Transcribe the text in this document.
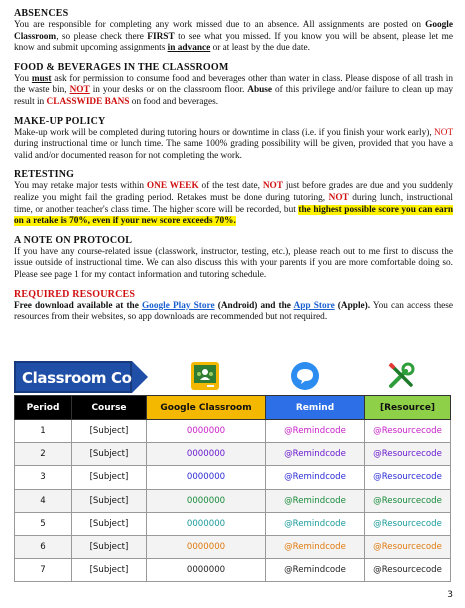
ABSENCES
You are responsible for completing any work missed due to an absence. All assignments are posted on Google Classroom, so please check there FIRST to see what you missed. If you know you will be absent, please let me know and submit upcoming assignments in advance or at least by the due date.
FOOD & BEVERAGES IN THE CLASSROOM
You must ask for permission to consume food and beverages other than water in class. Please dispose of all trash in the waste bin, NOT in your desks or on the classroom floor. Abuse of this privilege and/or failure to clean up may result in CLASSWIDE BANS on food and beverages.
MAKE-UP POLICY
Make-up work will be completed during tutoring hours or downtime in class (i.e. if you finish your work early), NOT during instructional time or lunch time. The same 100% grading possibility will be given, provided that you have a valid and/or documented reason for not completing the work.
RETESTING
You may retake major tests within ONE WEEK of the test date, NOT just before grades are due and you suddenly realize you might fail the grading period. Retakes must be done during tutoring, NOT during lunch, instructional time, or another teacher's class time. The higher score will be recorded, but the highest possible score you can earn on a retake is 70%, even if your new score exceeds 70%.
A NOTE ON PROTOCOL
If you have any course-related issue (classwork, instructor, testing, etc.), please reach out to me first to discuss the issue outside of instructional time. We can also discuss this with your parents if you are more comfortable doing so. Please see page 1 for my contact information and tutoring schedule.
REQUIRED RESOURCES
Free download available at the Google Play Store (Android) and the App Store (Apple). You can access these resources from their websites, so app downloads are recommended but not required.
Classroom Codes
Period	Course	Google Classroom	Remind	[Resource]
1	[Subject]	0000000	@Remindcode	@Resourcecode
2	[Subject]	0000000	@Remindcode	@Resourcecode
3	[Subject]	0000000	@Remindcode	@Resourcecode
4	[Subject]	0000000	@Remindcode	@Resourcecode
5	[Subject]	0000000	@Remindcode	@Resourcecode
6	[Subject]	0000000	@Remindcode	@Resourcecode
7	[Subject]	0000000	@Remindcode	@Resourcecode
3
